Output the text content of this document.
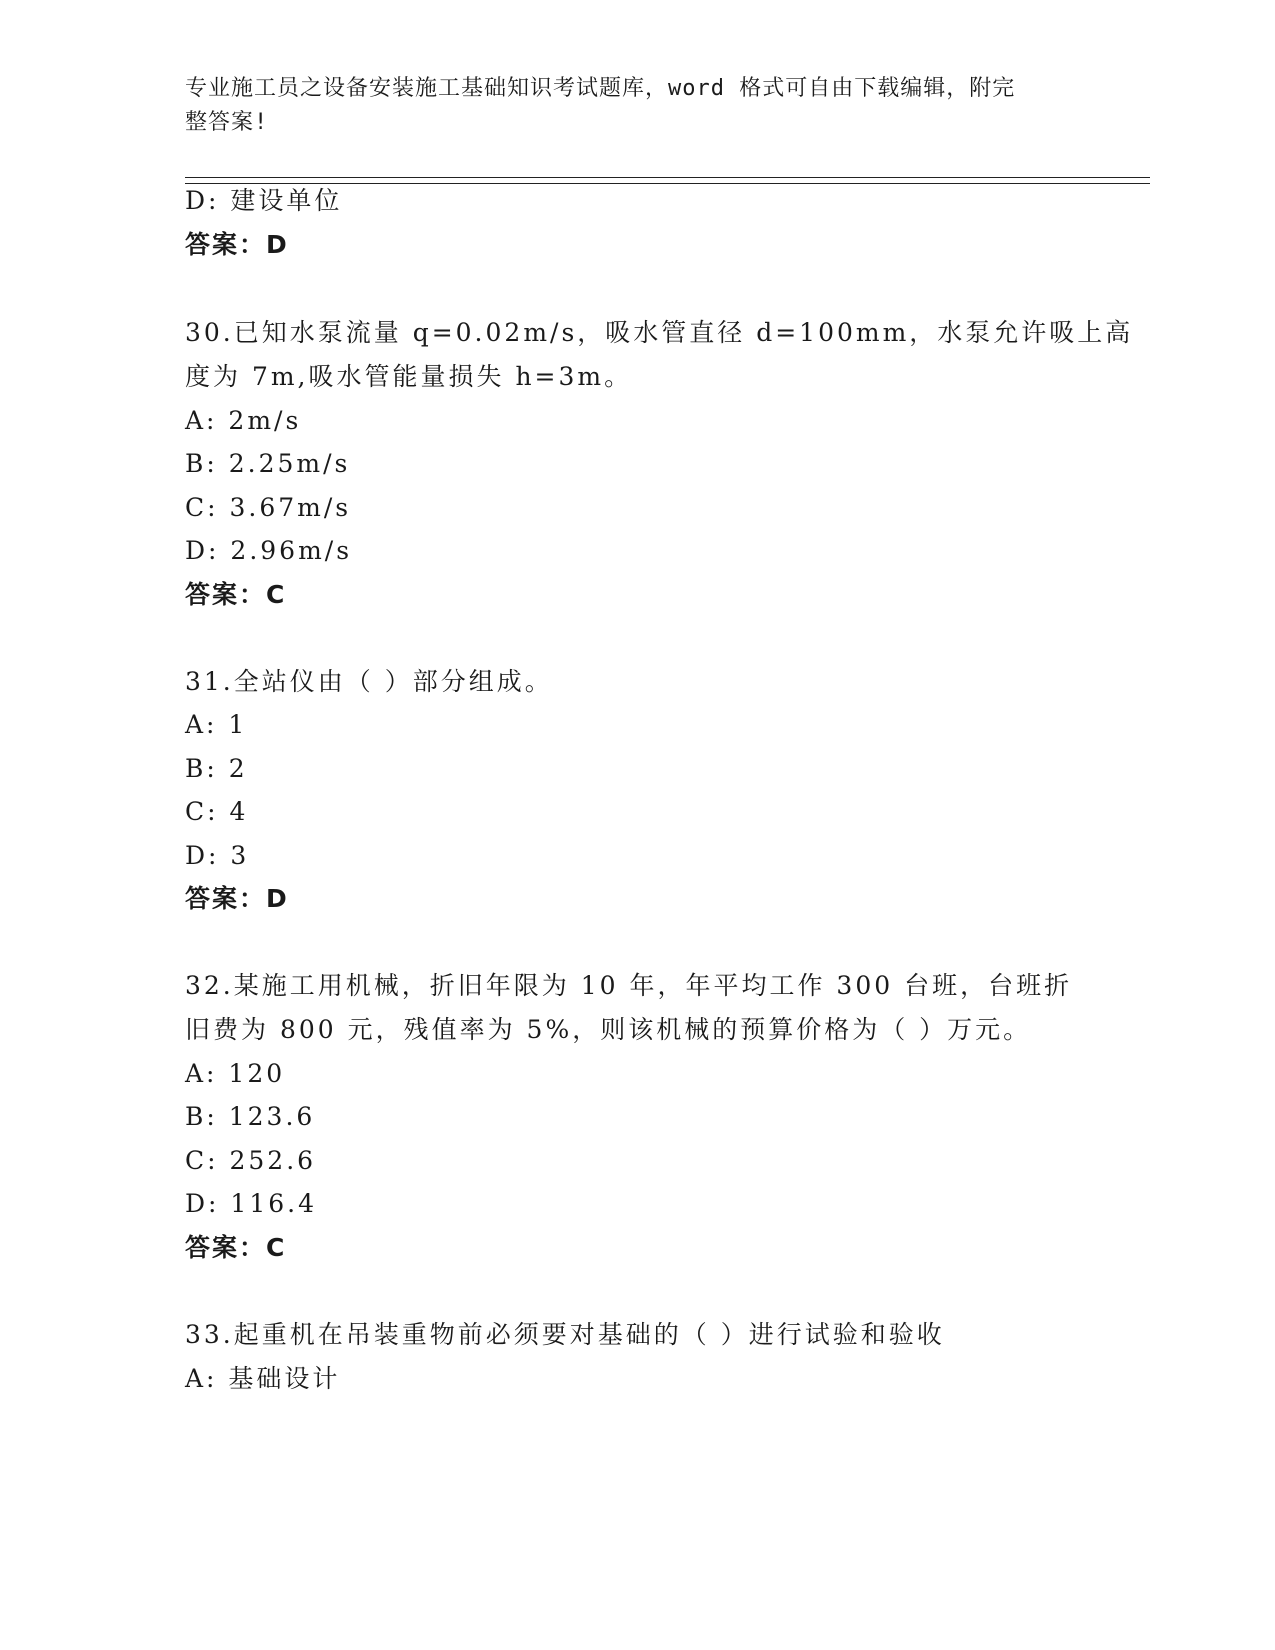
专业施工员之设备安装施工基础知识考试题库，word 格式可自由下载编辑，附完
整答案!
D: 建设单位
答案：D
30.已知水泵流量 q=0.02m/s，吸水管直径 d=100mm，水泵允许吸上高
度为 7m,吸水管能量损失 h=3m。
A: 2m/s
B: 2.25m/s
C: 3.67m/s
D: 2.96m/s
答案：C
31.全站仪由（ ）部分组成。
A: 1
B: 2
C: 4
D: 3
答案：D
32.某施工用机械，折旧年限为 10 年，年平均工作 300 台班，台班折
旧费为 800 元，残值率为 5%，则该机械的预算价格为（ ）万元。
A: 120
B: 123.6
C: 252.6
D: 116.4
答案：C
33.起重机在吊装重物前必须要对基础的（ ）进行试验和验收
A: 基础设计
